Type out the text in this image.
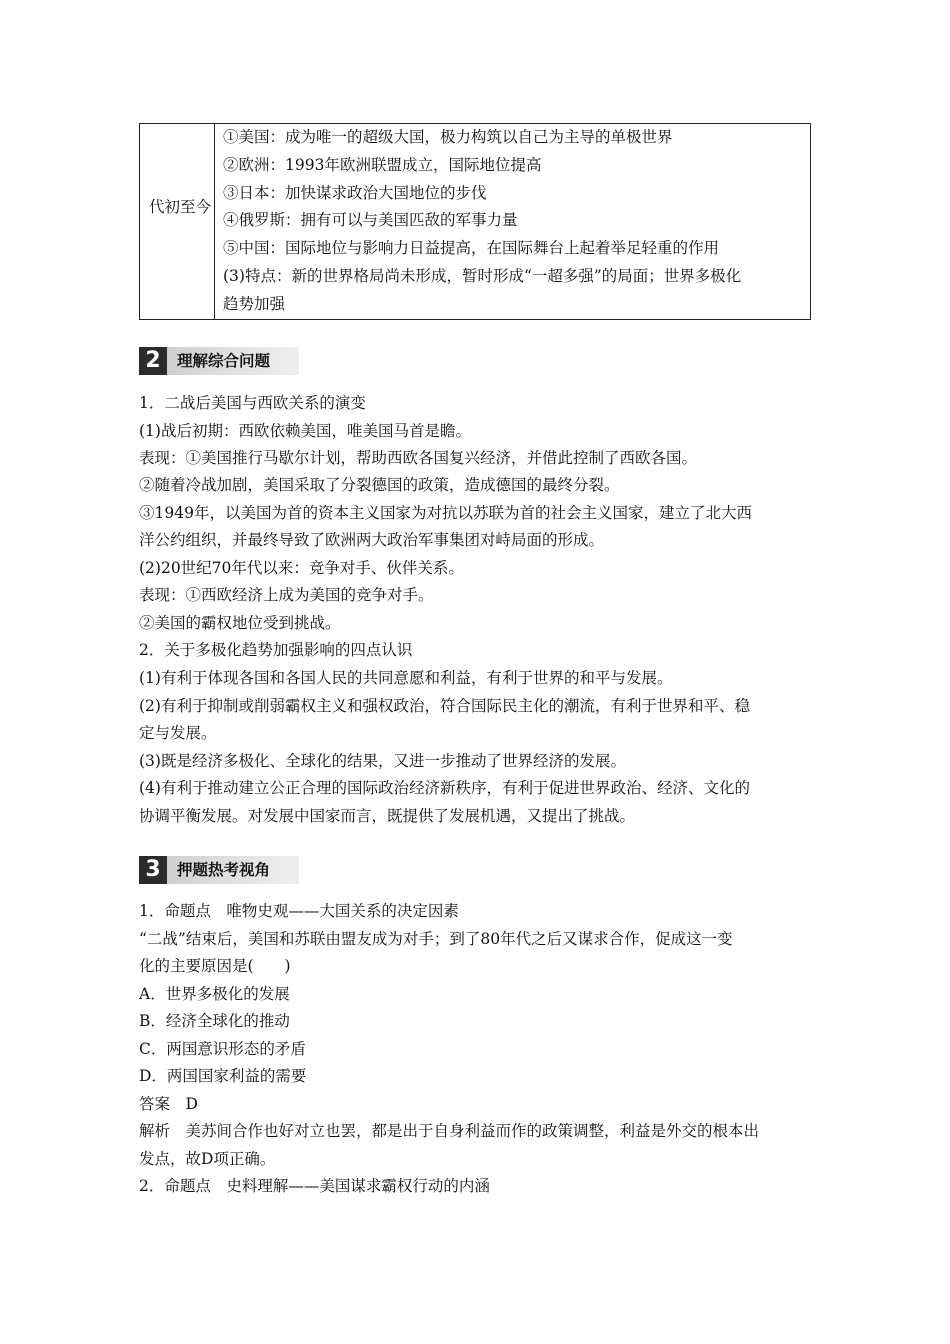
代初至今
①美国：成为唯一的超级大国，极力构筑以自己为主导的单极世界
②欧洲：1993年欧洲联盟成立，国际地位提高
③日本：加快谋求政治大国地位的步伐
④俄罗斯：拥有可以与美国匹敌的军事力量
⑤中国：国际地位与影响力日益提高，在国际舞台上起着举足轻重的作用
(3)特点：新的世界格局尚未形成，暂时形成“一超多强”的局面；世界多极化
趋势加强
2	理解综合问题
1．二战后美国与西欧关系的演变
(1)战后初期：西欧依赖美国，唯美国马首是瞻。
表现：①美国推行马歇尔计划，帮助西欧各国复兴经济，并借此控制了西欧各国。
②随着冷战加剧，美国采取了分裂德国的政策，造成德国的最终分裂。
③1949年，以美国为首的资本主义国家为对抗以苏联为首的社会主义国家，建立了北大西
洋公约组织，并最终导致了欧洲两大政治军事集团对峙局面的形成。
(2)20世纪70年代以来：竞争对手、伙伴关系。
表现：①西欧经济上成为美国的竞争对手。
②美国的霸权地位受到挑战。
2．关于多极化趋势加强影响的四点认识
(1)有利于体现各国和各国人民的共同意愿和利益，有利于世界的和平与发展。
(2)有利于抑制或削弱霸权主义和强权政治，符合国际民主化的潮流，有利于世界和平、稳
定与发展。
(3)既是经济多极化、全球化的结果，又进一步推动了世界经济的发展。
(4)有利于推动建立公正合理的国际政治经济新秩序，有利于促进世界政治、经济、文化的
协调平衡发展。对发展中国家而言，既提供了发展机遇，又提出了挑战。
3	押题热考视角
1．命题点　唯物史观——大国关系的决定因素
“二战”结束后，美国和苏联由盟友成为对手；到了80年代之后又谋求合作，促成这一变
化的主要原因是(　　)
A．世界多极化的发展
B．经济全球化的推动
C．两国意识形态的矛盾
D．两国国家利益的需要
答案　D
解析　美苏间合作也好对立也罢，都是出于自身利益而作的政策调整，利益是外交的根本出
发点，故D项正确。
2．命题点　史料理解——美国谋求霸权行动的内涵
